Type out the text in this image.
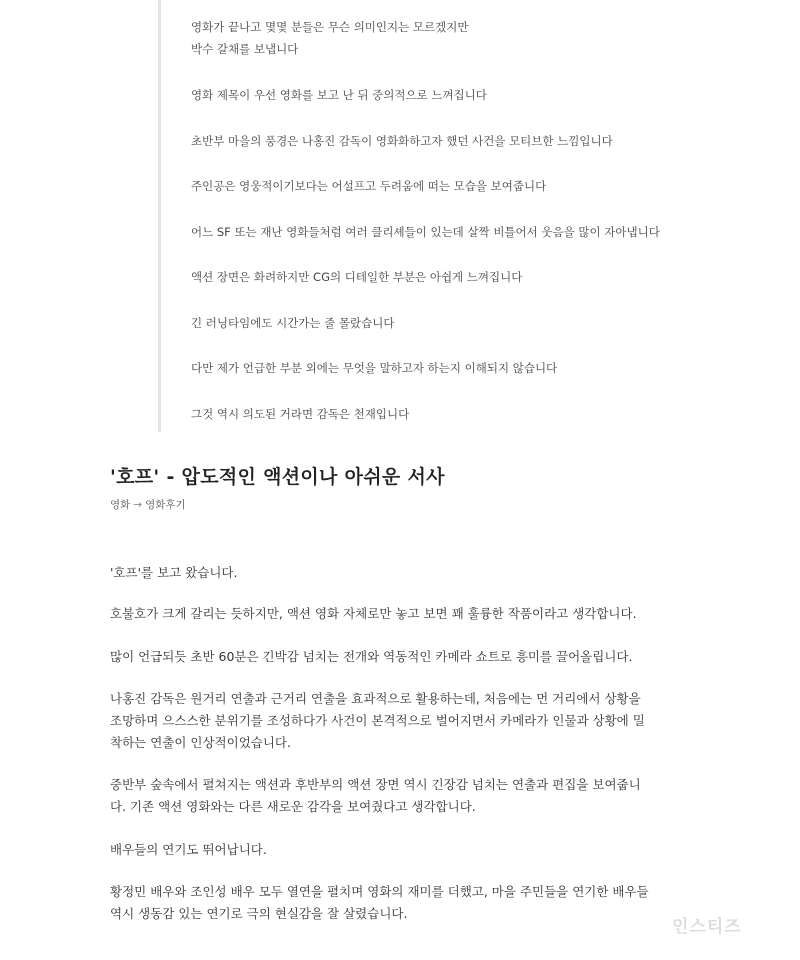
영화가 끝나고 몇몇 분들은 무슨 의미인지는 모르겠지만
박수 갈채를 보냅니다
영화 제목이 우선 영화를 보고 난 뒤 중의적으로 느껴집니다
초반부 마을의 풍경은 나홍진 감독이 영화화하고자 했던 사건을 모티브한 느낌입니다
주인공은 영웅적이기보다는 어설프고 두려움에 떠는 모습을 보여줍니다
어느 SF 또는 재난 영화들처럼 여러 클리셰들이 있는데 살짝 비틀어서 웃음을 많이 자아냅니다
액션 장면은 화려하지만 CG의 디테일한 부분은 아쉽게 느껴집니다
긴 러닝타임에도 시간가는 줄 몰랐습니다
다만 제가 언급한 부분 외에는 무엇을 말하고자 하는지 이해되지 않습니다
그것 역시 의도된 거라면 감독은 천재입니다
'호프' - 압도적인 액션이나 아쉬운 서사
영화 → 영화후기
'호프'를 보고 왔습니다.
호불호가 크게 갈리는 듯하지만, 액션 영화 자체로만 놓고 보면 꽤 훌륭한 작품이라고 생각합니다.
많이 언급되듯 초반 60분은 긴박감 넘치는 전개와 역동적인 카메라 쇼트로 흥미를 끌어올립니다.
나홍진 감독은 원거리 연출과 근거리 연출을 효과적으로 활용하는데, 처음에는 먼 거리에서 상황을
조망하며 으스스한 분위기를 조성하다가 사건이 본격적으로 벌어지면서 카메라가 인물과 상황에 밀
착하는 연출이 인상적이었습니다.
중반부 숲속에서 펼쳐지는 액션과 후반부의 액션 장면 역시 긴장감 넘치는 연출과 편집을 보여줍니
다. 기존 액션 영화와는 다른 새로운 감각을 보여줬다고 생각합니다.
배우들의 연기도 뛰어납니다.
황정민 배우와 조인성 배우 모두 열연을 펼치며 영화의 재미를 더했고, 마을 주민들을 연기한 배우들
역시 생동감 있는 연기로 극의 현실감을 잘 살렸습니다.
인스티즈
